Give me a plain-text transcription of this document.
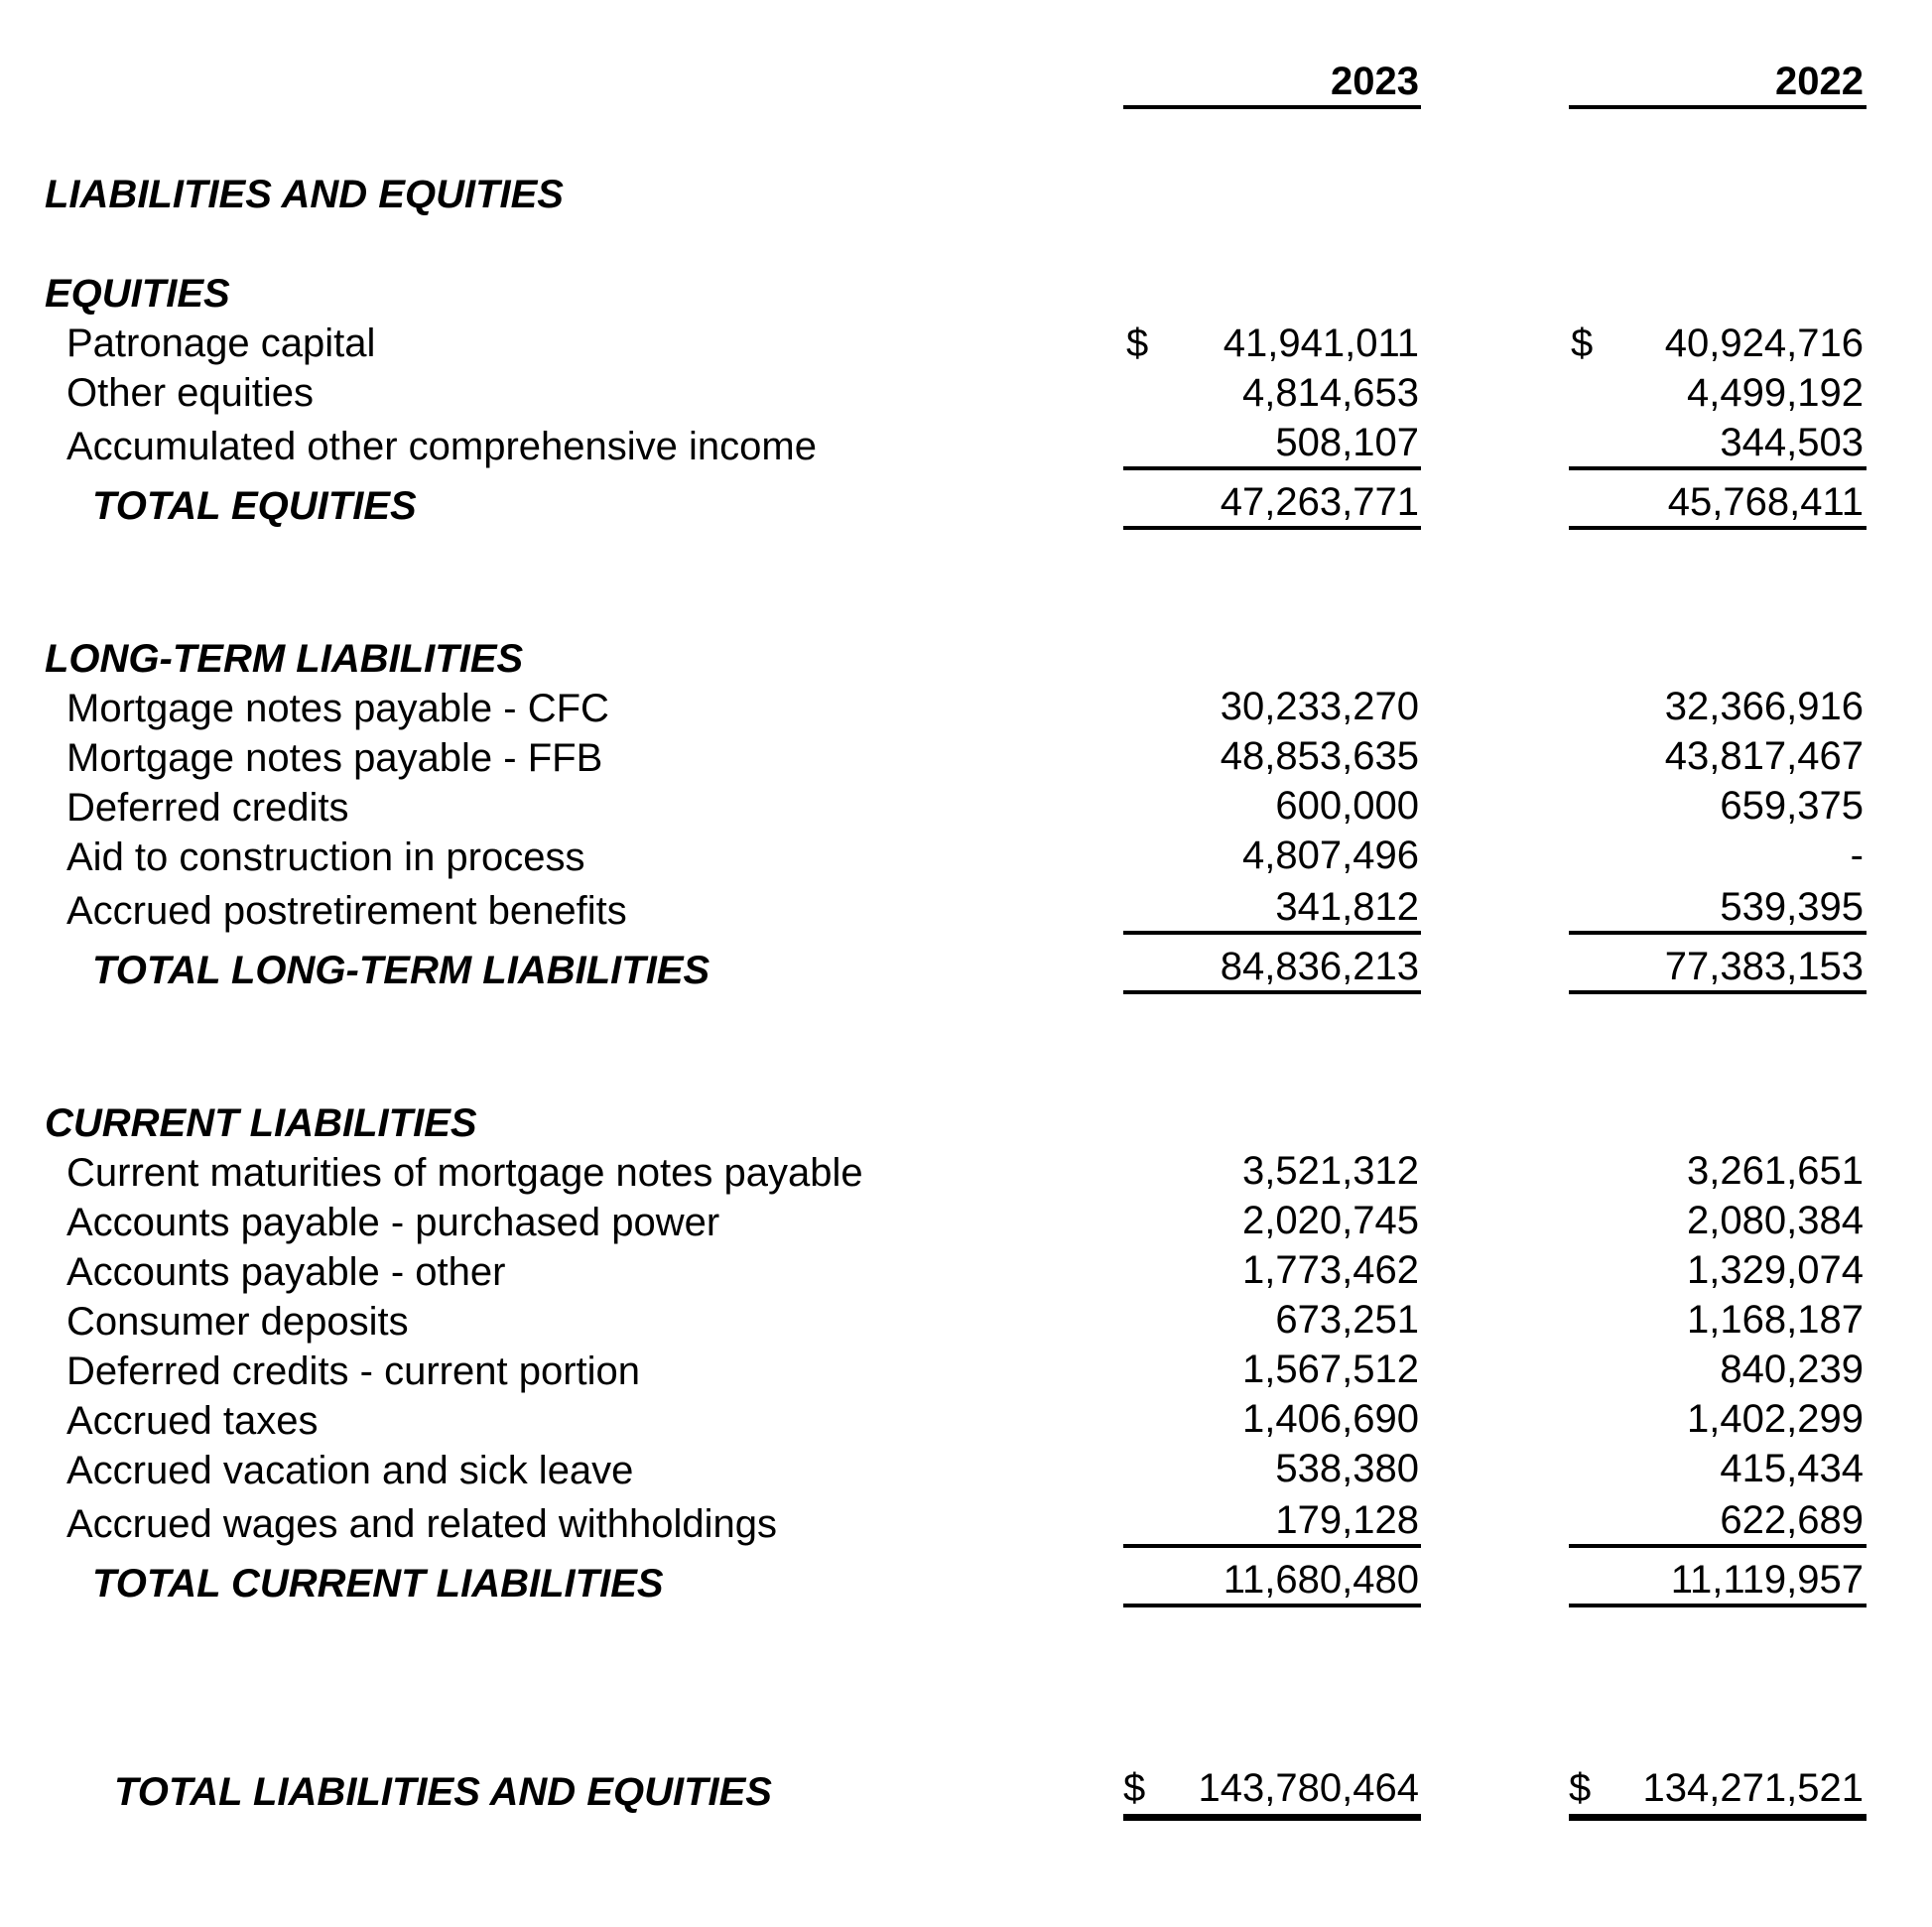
2023	2022
LIABILITIES AND EQUITIES
EQUITIES
Patronage capital	$	41,941,011	$	40,924,716
Other equities	4,814,653	4,499,192
Accumulated other comprehensive income	508,107	344,503
TOTAL EQUITIES	47,263,771	45,768,411
LONG-TERM LIABILITIES
Mortgage notes payable - CFC	30,233,270	32,366,916
Mortgage notes payable - FFB	48,853,635	43,817,467
Deferred credits	600,000	659,375
Aid to construction in process	4,807,496	-
Accrued postretirement benefits	341,812	539,395
TOTAL LONG-TERM LIABILITIES	84,836,213	77,383,153
CURRENT LIABILITIES
Current maturities of mortgage notes payable	3,521,312	3,261,651
Accounts payable - purchased power	2,020,745	2,080,384
Accounts payable - other	1,773,462	1,329,074
Consumer deposits	673,251	1,168,187
Deferred credits - current portion	1,567,512	840,239
Accrued taxes	1,406,690	1,402,299
Accrued vacation and sick leave	538,380	415,434
Accrued wages and related withholdings	179,128	622,689
TOTAL CURRENT LIABILITIES	11,680,480	11,119,957
TOTAL LIABILITIES AND EQUITIES	$	143,780,464	$	134,271,521
